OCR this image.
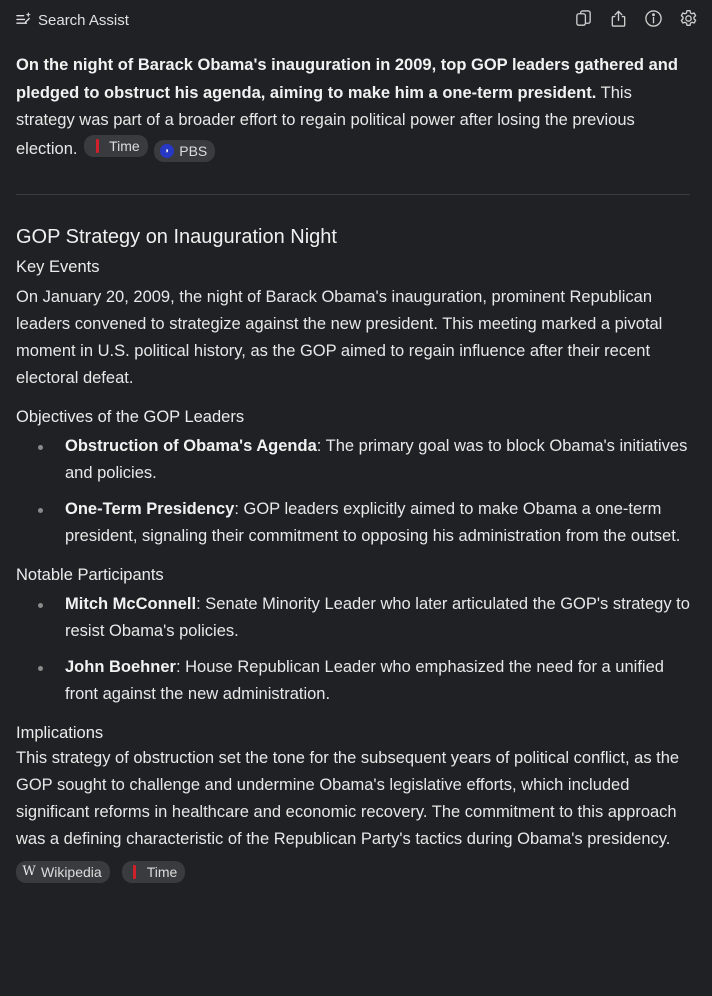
Search Assist

On the night of Barack Obama's inauguration in 2009, top GOP leaders gathered and pledged to obstruct his agenda, aiming to make him a one-term president. This strategy was part of a broader effort to regain political power after losing the previous election. Time
	◗ PBS

GOP Strategy on Inauguration Night
Key Events

On January 20, 2009, the night of Barack Obama's inauguration, prominent Republican leaders convened to strategize against the new president. This meeting marked a pivotal moment in U.S. political history, as the GOP aimed to regain influence after their recent electoral defeat.

Objectives of the GOP Leaders
Obstruction of Obama's Agenda: The primary goal was to block Obama's initiatives and policies.
One-Term Presidency: GOP leaders explicitly aimed to make Obama a one-term president, signaling their commitment to opposing his administration from the outset.
Notable Participants
Mitch McConnell: Senate Minority Leader who later articulated the GOP's strategy to resist Obama's policies.
John Boehner: House Republican Leader who emphasized the need for a unified front against the new administration.
Implications

This strategy of obstruction set the tone for the subsequent years of political conflict, as the GOP sought to challenge and undermine Obama's legislative efforts, which included significant reforms in healthcare and economic recovery. The commitment to this approach was a defining characteristic of the Republican Party's tactics during Obama's presidency.

W Wikipedia	Time
